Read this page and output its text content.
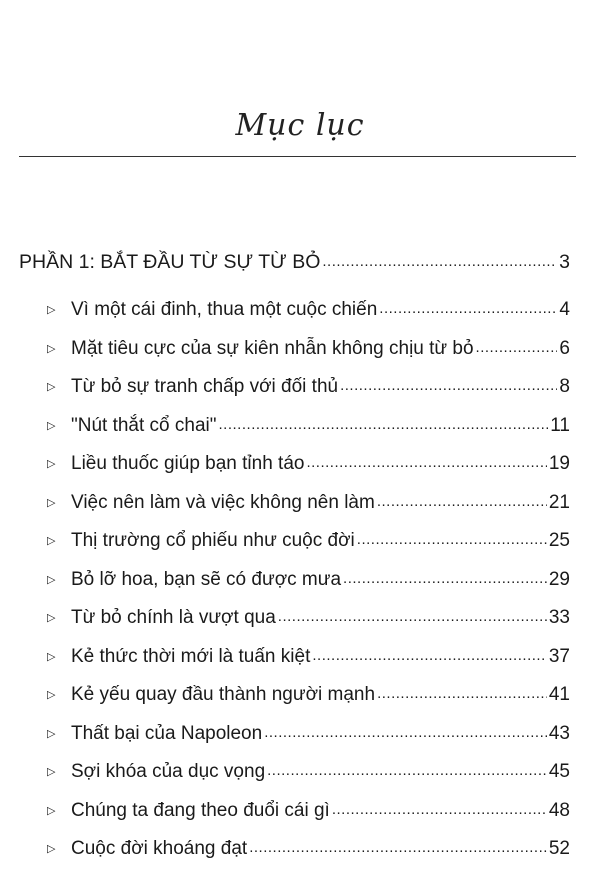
Mục lục
PHẦN 1: BẮT ĐẦU TỪ SỰ TỪ BỎ .....	3
▷ Vì một cái đinh, thua một cuộc chiến .....	4
▷ Mặt tiêu cực của sự kiên nhẫn không chịu từ bỏ .....	6
▷ Từ bỏ sự tranh chấp với đối thủ .....	8
▷ "Nút thắt cổ chai" .....	11
▷ Liều thuốc giúp bạn tỉnh táo .....	19
▷ Việc nên làm và việc không nên làm .....	21
▷ Thị trường cổ phiếu như cuộc đời .....	25
▷ Bỏ lỡ hoa, bạn sẽ có được mưa .....	29
▷ Từ bỏ chính là vượt qua .....	33
▷ Kẻ thức thời mới là tuấn kiệt .....	37
▷ Kẻ yếu quay đầu thành người mạnh .....	41
▷ Thất bại của Napoleon .....	43
▷ Sợi khóa của dục vọng .....	45
▷ Chúng ta đang theo đuổi cái gì .....	48
▷ Cuộc đời khoáng đạt .....	52
